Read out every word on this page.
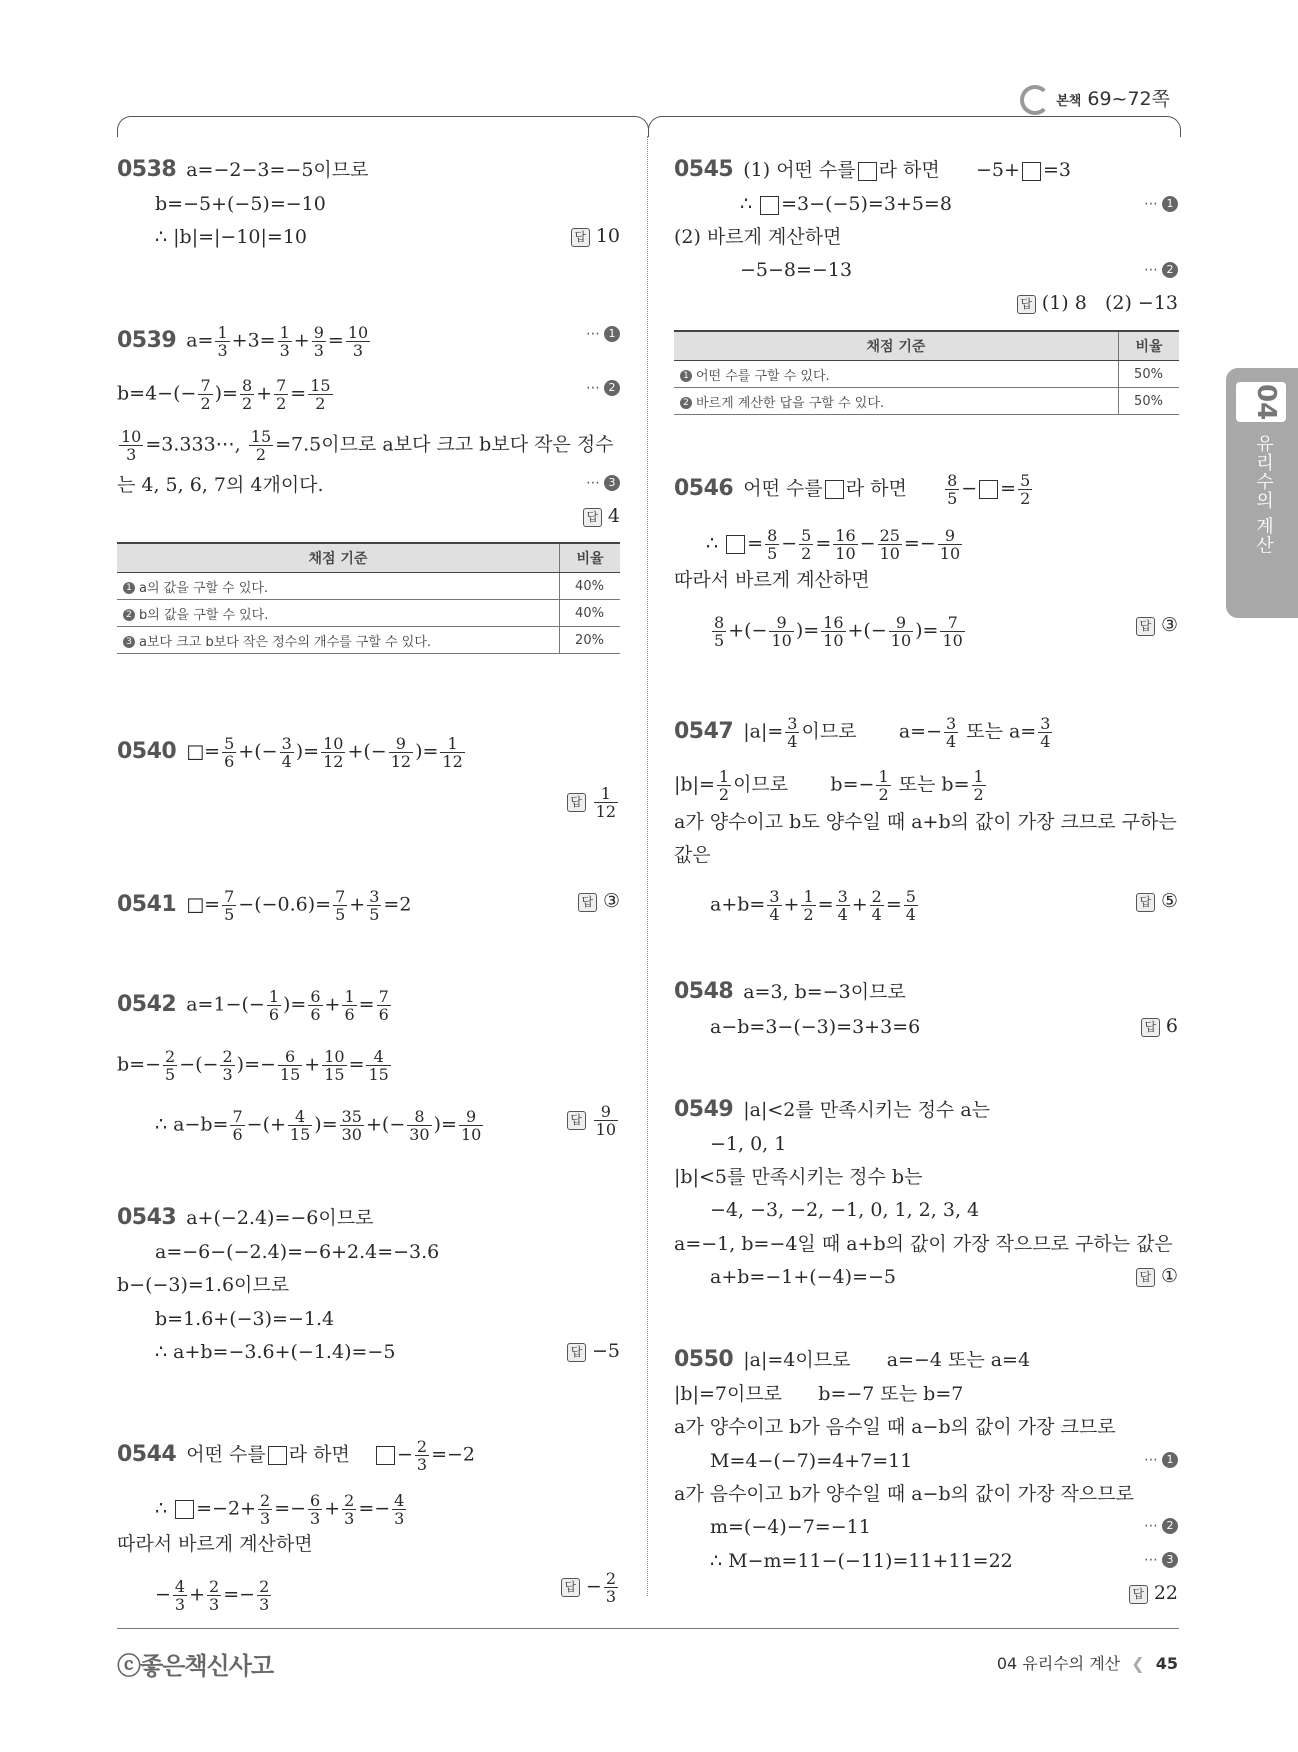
본책 69~72쪽
04
유리수의 계산
0538 a=−2−3=−5이므로
b=−5+(−5)=−10
∴ |b|=|−10|=10	답 10
0539 $a= \frac{1}{3} +3= \frac{1}{3} + \frac{9}{3} = \frac{10}{3}$	⋯ 1
$b=4-(- \frac{7}{2}$ )= $\frac{8}{2} + \frac{7}{2} = \frac{15}{2}$	⋯ 2
$\frac{10}{3}$ =3.333⋯, $\frac{15}{2} =7.5$이므로 a보다 크고 b보다 작은 정수
는 4, 5, 6, 7의 4개이다.	⋯ 3
답 4
채점 기준	비율
1 a의 값을 구할 수 있다.	40%
2 b의 값을 구할 수 있다.	40%
3 a보다 크고 b보다 작은 정수의 개수를 구할 수 있다.	20%
0540 □= $\frac{5}{6}$ +(− $\frac{3}{4}$ )= $\frac{10}{12}$ +(− $\frac{9}{12}$ )= $\frac{1}{12}$
답 $\frac{1}{12}$
0541 □= $\frac{7}{5} -(-0.6)= \frac{7}{5} + \frac{3}{5} =2$	답 ③
0542 $a=1-(- \frac{1}{6}$ )= $\frac{6}{6} + \frac{1}{6} = \frac{7}{6}$
$b=- \frac{2}{5}$ −(− $\frac{2}{3}$ )=− $\frac{6}{15} + \frac{10}{15} = \frac{4}{15}$
∴ $a-b= \frac{7}{6}$ −(+ $\frac{4}{15}$ )= $\frac{35}{30}$ +(− $\frac{8}{30}$ )= $\frac{9}{10}$	답 $\frac{9}{10}$
0543 a+(−2.4)=−6이므로
a=−6−(−2.4)=−6+2.4=−3.6
b−(−3)=1.6이므로
b=1.6+(−3)=−1.4
∴ a+b=−3.6+(−1.4)=−5	답 −5
0544 어떤 수를 라 하면 − $\frac{2}{3} =-2$
∴ $=-2+ \frac{2}{3} =- \frac{6}{3} + \frac{2}{3} =- \frac{4}{3}$
따라서 바르게 계산하면
− $\frac{4}{3} + \frac{2}{3} =- \frac{2}{3}$	답 − $\frac{2}{3}$
0545 (1) 어떤 수를 라 하면 −5+ =3
∴ =3−(−5)=3+5=8	⋯ 1
(2) 바르게 계산하면
−5−8=−13	⋯ 2
답 (1) 8   (2) −13
채점 기준	비율
1 어떤 수를 구할 수 있다.	50%
2 바르게 계산한 답을 구할 수 있다.	50%
0546 어떤 수를 라 하면 $\frac{8}{5}$ − = $\frac{5}{2}$
∴ = $\frac{8}{5} - \frac{5}{2} = \frac{16}{10} - \frac{25}{10} =- \frac{9}{10}$
따라서 바르게 계산하면
$\frac{8}{5}$ +(− $\frac{9}{10}$ )= $\frac{16}{10}$ +(− $\frac{9}{10}$ )= $\frac{7}{10}$	답 ③
0547 $|a|= \frac{3}{4}$ 이므로 $a=- \frac{3}{4}$ 또는 $a= \frac{3}{4}$
$|b|= \frac{1}{2}$ 이므로 $b=- \frac{1}{2}$ 또는 $b= \frac{1}{2}$
a가 양수이고 b도 양수일 때 a+b의 값이 가장 크므로 구하는
값은
$a+b= \frac{3}{4} + \frac{1}{2} = \frac{3}{4} + \frac{2}{4} = \frac{5}{4}$	답 ⑤
0548 a=3, b=−3이므로
a−b=3−(−3)=3+3=6	답 6
0549 |a|<2를 만족시키는 정수 a는
−1, 0, 1
|b|<5를 만족시키는 정수 b는
−4, −3, −2, −1, 0, 1, 2, 3, 4
a=−1, b=−4일 때 a+b의 값이 가장 작으므로 구하는 값은
a+b=−1+(−4)=−5	답 ①
0550 |a|=4이므로 a=−4 또는 a=4
|b|=7이므로 b=−7 또는 b=7
a가 양수이고 b가 음수일 때 a−b의 값이 가장 크므로
M=4−(−7)=4+7=11	⋯ 1
a가 음수이고 b가 양수일 때 a−b의 값이 가장 작으므로
m=(−4)−7=−11	⋯ 2
∴ M−m=11−(−11)=11+11=22	⋯ 3
답 22
ⓒ좋은책신사고	04 유리수의 계산 ❮ 45
